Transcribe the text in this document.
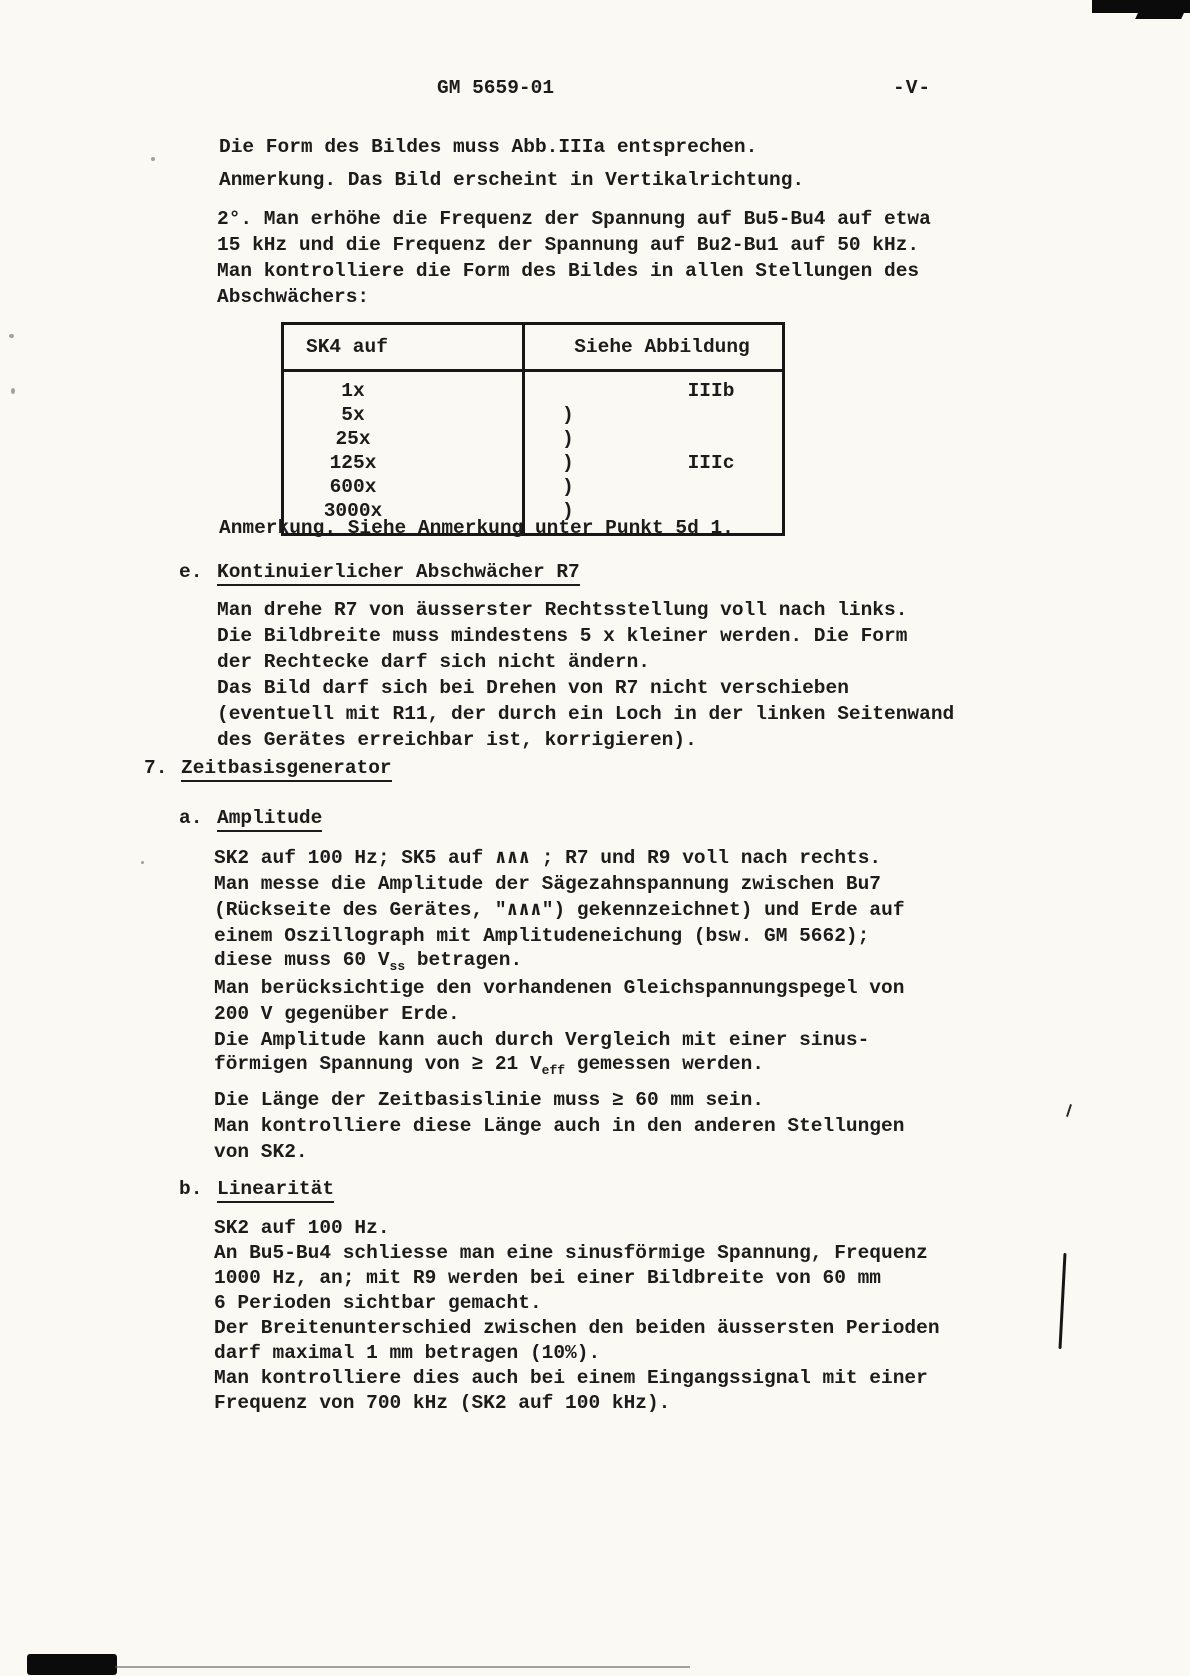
GM 5659-01	-V-
Die Form des Bildes muss Abb.IIIa entsprechen.
Anmerkung. Das Bild erscheint in Vertikalrichtung.
2°. Man erhöhe die Frequenz der Spannung auf Bu5-Bu4 auf etwa
15 kHz und die Frequenz der Spannung auf Bu2-Bu1 auf 50 kHz.
Man kontrolliere die Form des Bildes in allen Stellungen des
Abschwächers:
SK4 auf	Siehe Abbildung
1x	IIIb
5x	)
25x	)
125x	)	IIIc
600x	)
3000x	)
Anmerkung. Siehe Anmerkung unter Punkt 5d 1.
e. Kontinuierlicher Abschwächer R7
Man drehe R7 von äusserster Rechtsstellung voll nach links.
Die Bildbreite muss mindestens 5 x kleiner werden. Die Form
der Rechtecke darf sich nicht ändern.
Das Bild darf sich bei Drehen von R7 nicht verschieben
(eventuell mit R11, der durch ein Loch in der linken Seitenwand
des Gerätes erreichbar ist, korrigieren).
7. Zeitbasisgenerator
a. Amplitude
SK2 auf 100 Hz; SK5 auf ∧∧∧ ; R7 und R9 voll nach rechts.
Man messe die Amplitude der Sägezahnspannung zwischen Bu7
(Rückseite des Gerätes, "∧∧∧") gekennzeichnet) und Erde auf
einem Oszillograph mit Amplitudeneichung (bsw. GM 5662);
diese muss 60 $V_{ss}$ betragen.
Man berücksichtige den vorhandenen Gleichspannungspegel von
200 V gegenüber Erde.
Die Amplitude kann auch durch Vergleich mit einer sinus-
förmigen Spannung von ≥ 21 $V_{eff}$ gemessen werden.
Die Länge der Zeitbasislinie muss ≥ 60 mm sein.
Man kontrolliere diese Länge auch in den anderen Stellungen
von SK2.
b. Linearität
SK2 auf 100 Hz.
An Bu5-Bu4 schliesse man eine sinusförmige Spannung, Frequenz
1000 Hz, an; mit R9 werden bei einer Bildbreite von 60 mm
6 Perioden sichtbar gemacht.
Der Breitenunterschied zwischen den beiden äussersten Perioden
darf maximal 1 mm betragen (10%).
Man kontrolliere dies auch bei einem Eingangssignal mit einer
Frequenz von 700 kHz (SK2 auf 100 kHz).
